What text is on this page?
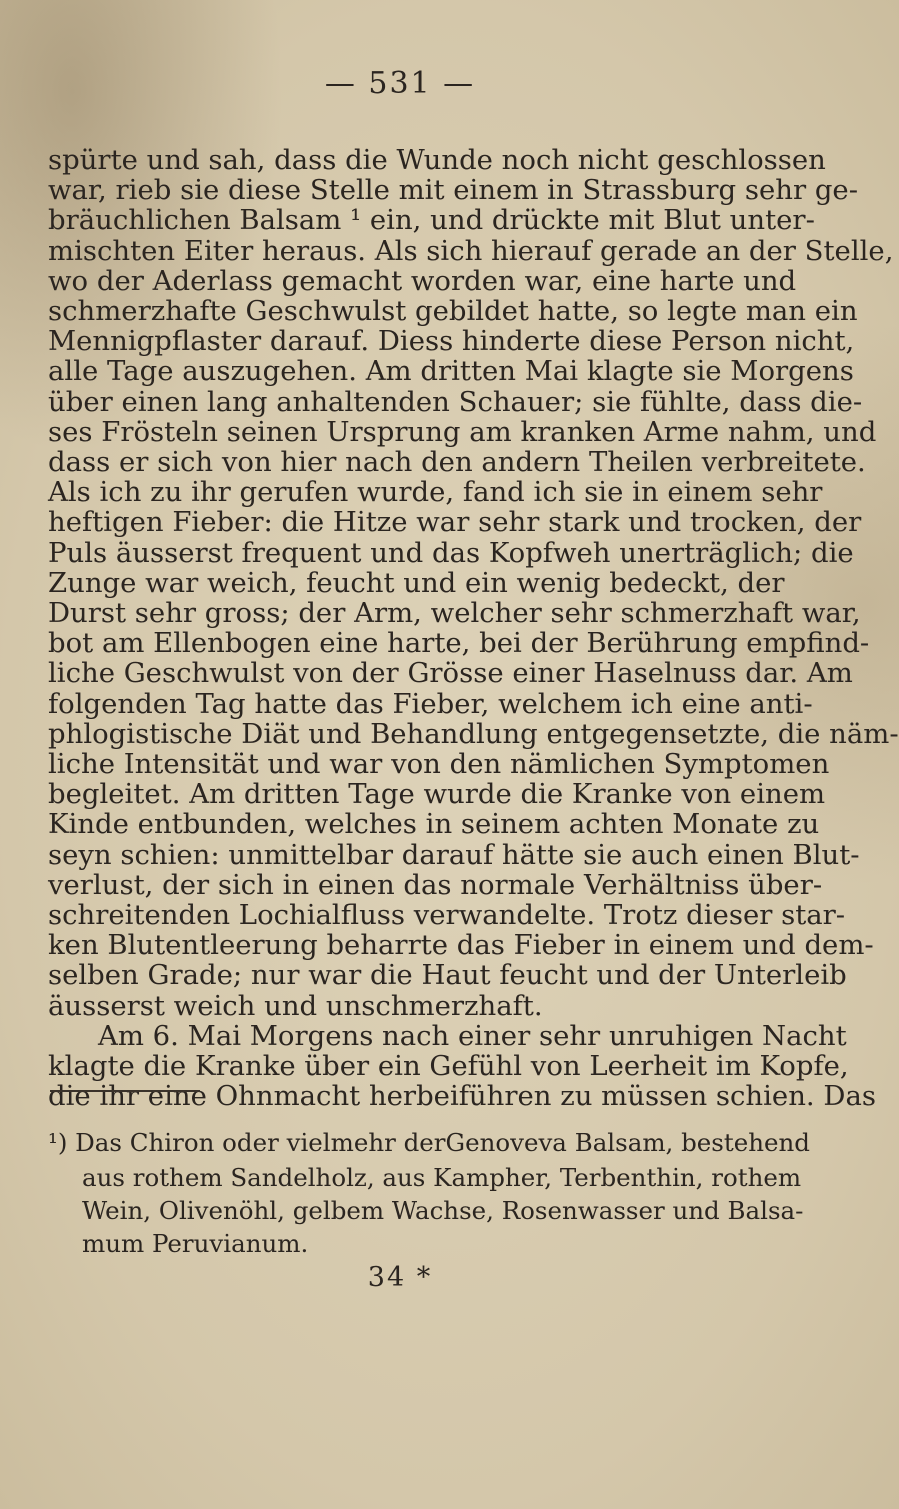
— 531 —
spürte und sah, dass die Wunde noch nicht geschlossen
war, rieb sie diese Stelle mit einem in Strassburg sehr ge-
bräuchlichen Balsam ¹ ein, und drückte mit Blut unter-
mischten Eiter heraus. Als sich hierauf gerade an der Stelle,
wo der Aderlass gemacht worden war, eine harte und
schmerzhafte Geschwulst gebildet hatte, so legte man ein
Mennigpflaster darauf. Diess hinderte diese Person nicht,
alle Tage auszugehen. Am dritten Mai klagte sie Morgens
über einen lang anhaltenden Schauer; sie fühlte, dass die-
ses Frösteln seinen Ursprung am kranken Arme nahm, und
dass er sich von hier nach den andern Theilen verbreitete.
Als ich zu ihr gerufen wurde, fand ich sie in einem sehr
heftigen Fieber: die Hitze war sehr stark und trocken, der
Puls äusserst frequent und das Kopfweh unerträglich; die
Zunge war weich, feucht und ein wenig bedeckt, der
Durst sehr gross; der Arm, welcher sehr schmerzhaft war,
bot am Ellenbogen eine harte, bei der Berührung empfind-
liche Geschwulst von der Grösse einer Haselnuss dar. Am
folgenden Tag hatte das Fieber, welchem ich eine anti-
phlogistische Diät und Behandlung entgegensetzte, die näm-
liche Intensität und war von den nämlichen Symptomen
begleitet. Am dritten Tage wurde die Kranke von einem
Kinde entbunden, welches in seinem achten Monate zu
seyn schien: unmittelbar darauf hätte sie auch einen Blut-
verlust, der sich in einen das normale Verhältniss über-
schreitenden Lochialfluss verwandelte. Trotz dieser star-
ken Blutentleerung beharrte das Fieber in einem und dem-
selben Grade; nur war die Haut feucht und der Unterleib
äusserst weich und unschmerzhaft.
Am 6. Mai Morgens nach einer sehr unruhigen Nacht
klagte die Kranke über ein Gefühl von Leerheit im Kopfe,
die ihr eine Ohnmacht herbeiführen zu müssen schien. Das
¹) Das Chiron oder vielmehr derGenoveva Balsam, bestehend
aus rothem Sandelholz, aus Kampher, Terbenthin, rothem
Wein, Olivenöhl, gelbem Wachse, Rosenwasser und Balsa-
mum Peruvianum.
34 *
